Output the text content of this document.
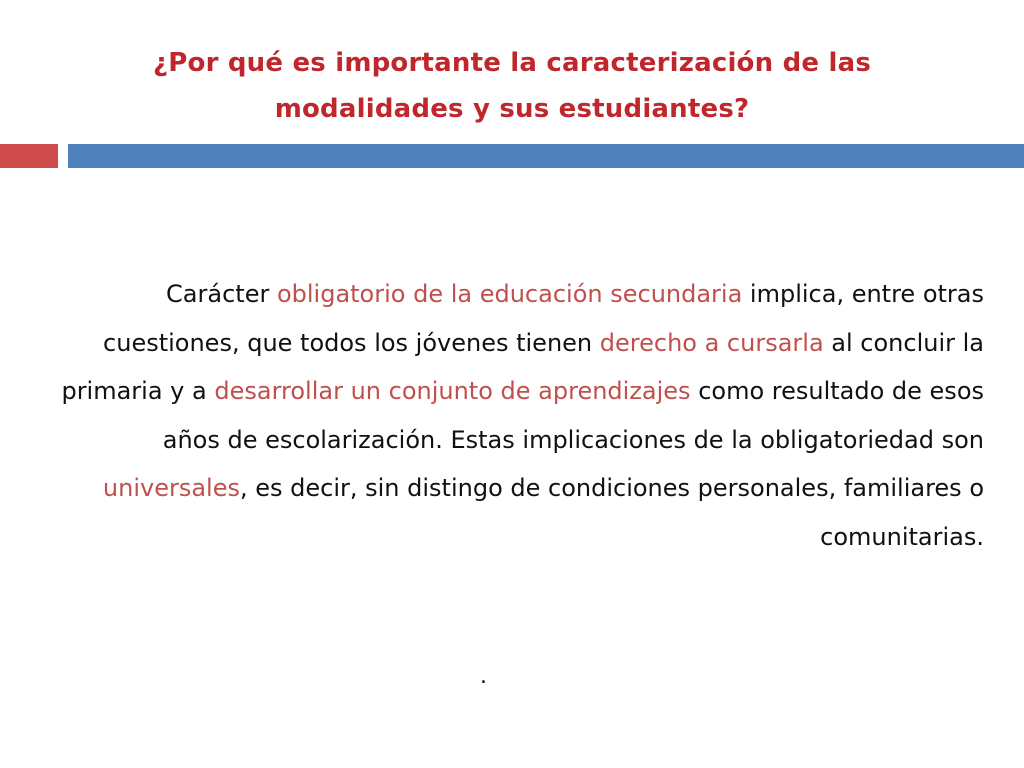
¿Por qué es importante la caracterización de las
modalidades y sus estudiantes?
Carácter obligatorio de la educación secundaria implica, entre otras cuestiones, que todos los jóvenes tienen derecho a cursarla al concluir la primaria y a desarrollar un conjunto de aprendizajes como resultado de esos años de escolarización. Estas implicaciones de la obligatoriedad son universales, es decir, sin distingo de condiciones personales, familiares o comunitarias.
.
